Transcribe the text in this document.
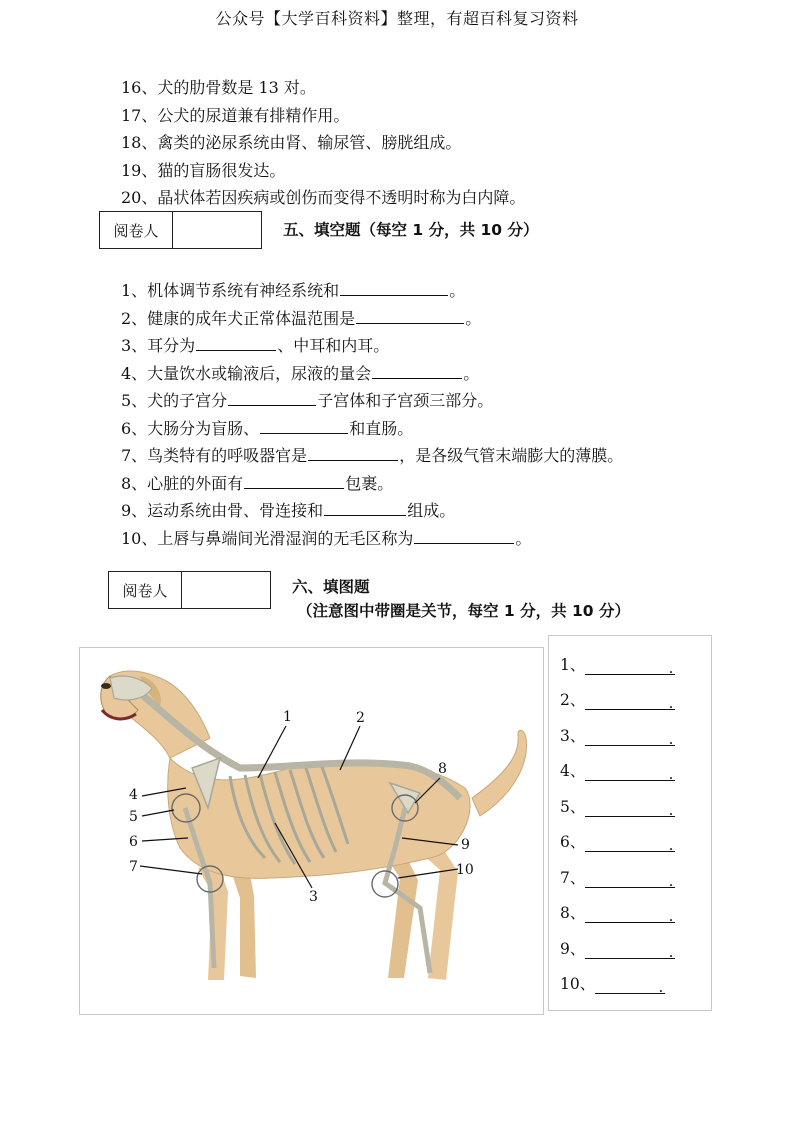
公众号【大学百科资料】整理，有超百科复习资料
16、犬的肋骨数是 13 对。
17、公犬的尿道兼有排精作用。
18、禽类的泌尿系统由肾、输尿管、膀胱组成。
19、猫的盲肠很发达。
20、晶状体若因疾病或创伤而变得不透明时称为白内障。
阅卷人	五、填空题（每空 1 分，共 10 分）
1、机体调节系统有神经系统和	。
2、健康的成年犬正常体温范围是	。
3、耳分为	、中耳和内耳。
4、大量饮水或输液后，尿液的量会	。
5、犬的子宫分	子宫体和子宫颈三部分。
6、大肠分为盲肠、	和直肠。
7、鸟类特有的呼吸器官是	，是各级气管末端膨大的薄膜。
8、心脏的外面有	包裹。
9、运动系统由骨、骨连接和	组成。
10、上唇与鼻端间光滑湿润的无毛区称为	。
阅卷人	六、填图题
（注意图中带圈是关节，每空 1 分，共 10 分）
1	2
3
4
5
6
7
8
9
10
1、	.
2、	.
3、	.
4、	.
5、	.
6、	.
7、	.
8、	.
9、	.
10、	.
